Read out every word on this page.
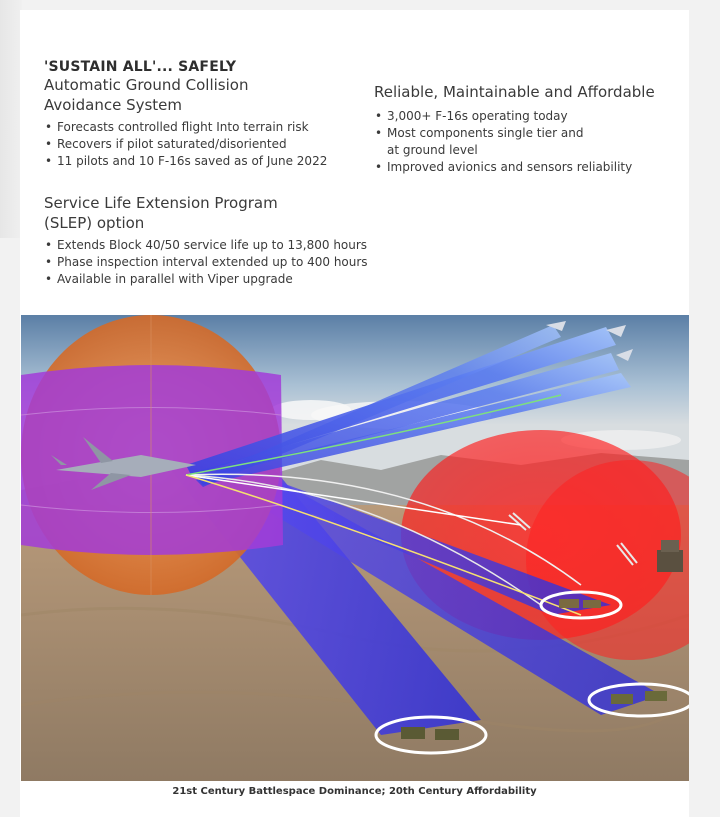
'SUSTAIN ALL'... SAFELY
Automatic Ground Collision
Avoidance System
• Forecasts controlled flight Into terrain risk
• Recovers if pilot saturated/disoriented
• 11 pilots and 10 F-16s saved as of June 2022
Reliable, Maintainable and Affordable
• 3,000+ F-16s operating today
• Most components single tier and
at ground level
• Improved avionics and sensors reliability
Service Life Extension Program
(SLEP) option
• Extends Block 40/50 service life up to 13,800 hours
• Phase inspection interval extended up to 400 hours
• Available in parallel with Viper upgrade
21st Century Battlespace Dominance; 20th Century Affordability
